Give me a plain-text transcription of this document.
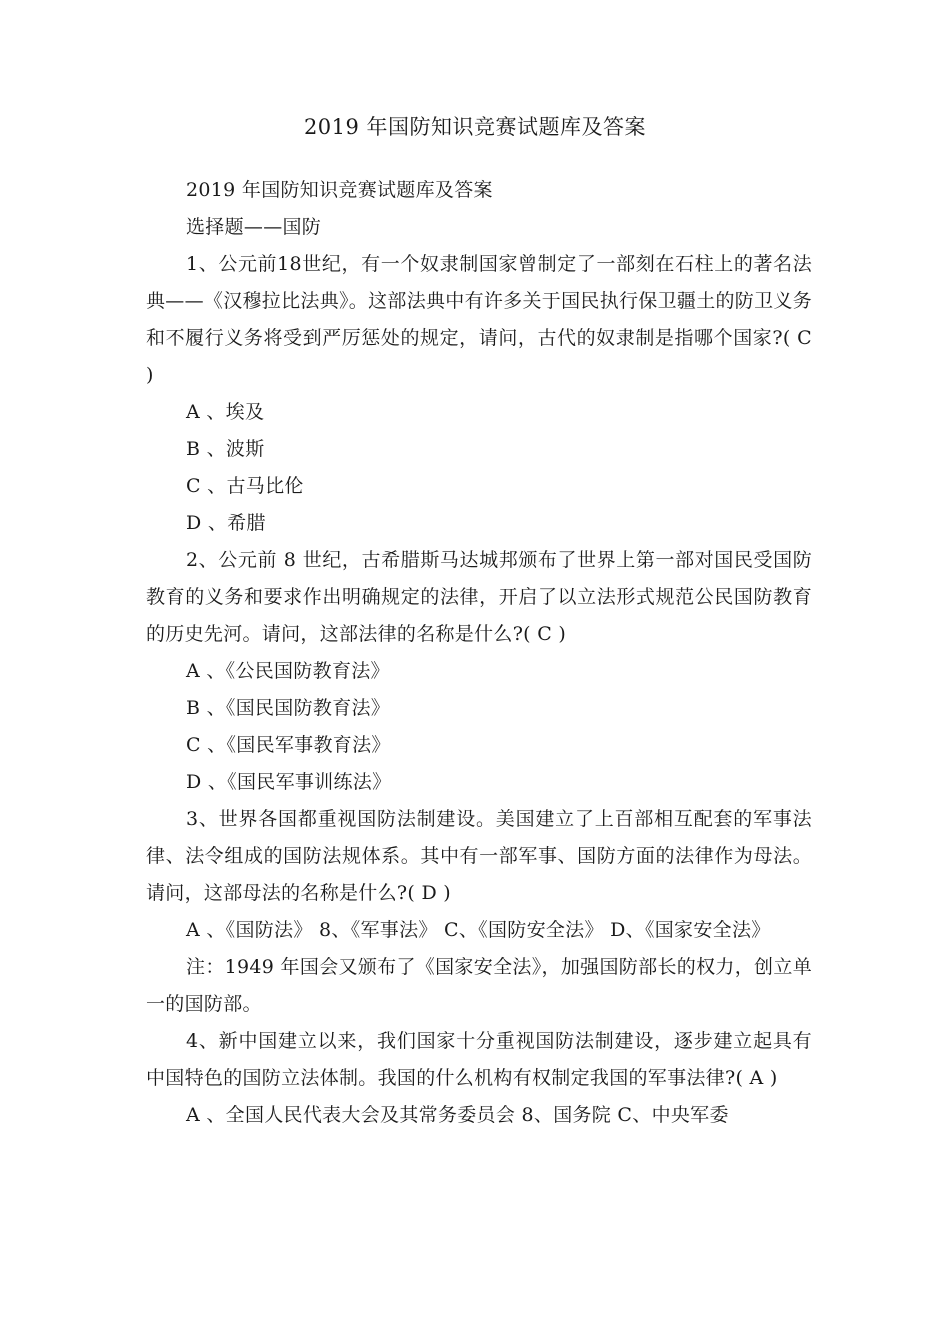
2019 年国防知识竞赛试题库及答案

2019 年国防知识竞赛试题库及答案

选择题——国防

1、公元前18世纪，有一个奴隶制国家曾制定了一部刻在石柱上的著名法典——《汉穆拉比法典》。这部法典中有许多关于国民执行保卫疆土的防卫义务和不履行义务将受到严厉惩处的规定，请问，古代的奴隶制是指哪个国家?( C )

A 、埃及

B 、波斯

C 、古马比伦

D 、希腊

2、公元前 8 世纪，古希腊斯马达城邦颁布了世界上第一部对国民受国防教育的义务和要求作出明确规定的法律，开启了以立法形式规范公民国防教育的历史先河。请问，这部法律的名称是什么?( C )

A 、《公民国防教育法》

B 、《国民国防教育法》

C 、《国民军事教育法》

D 、《国民军事训练法》

3、世界各国都重视国防法制建设。美国建立了上百部相互配套的军事法律、法令组成的国防法规体系。其中有一部军事、国防方面的法律作为母法。请问，这部母法的名称是什么?( D )

A 、《国防法》 8、《军事法》 C、《国防安全法》 D、《国家安全法》

注：1949 年国会又颁布了《国家安全法》，加强国防部长的权力，创立单一的国防部。

4、新中国建立以来，我们国家十分重视国防法制建设，逐步建立起具有中国特色的国防立法体制。我国的什么机构有权制定我国的军事法律?( A )

A 、全国人民代表大会及其常务委员会 8、国务院 C、中央军委
